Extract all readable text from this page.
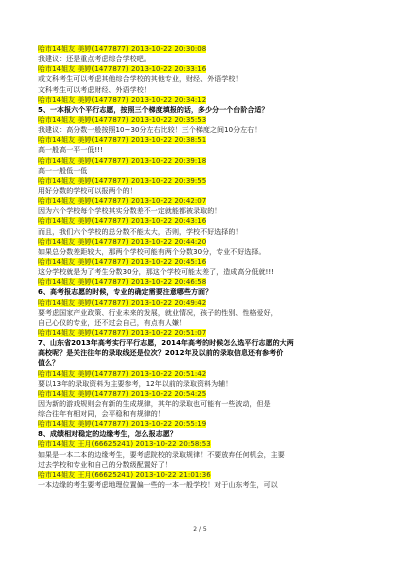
哈市14姐友 美婷(1477877) 2013-10-22 20:30:08
我建议：还是重点考虑综合学校吧。
哈市14姐友 美婷(1477877) 2013-10-22 20:33:16
或文科考生可以考虑其他综合学校的其他专业，财经、外语学校！
文科考生可以考虑财经、外语学校！
哈市14姐友 美婷(1477877) 2013-10-22 20:34:12
5、一本报六个平行志愿，按照三个梯度填报的话，多少分一个台阶合适？
哈市14姐友 美婷(1477877) 2013-10-22 20:35:53
我建议：高分数一般按照10~30分左右比较！三个梯度之间10分左右！
哈市14姐友 美婷(1477877) 2013-10-22 20:38:51
高一般高一平一低!!!
哈市14姐友 美婷(1477877) 2013-10-22 20:39:18
高一一般低一低
哈市14姐友 美婷(1477877) 2013-10-22 20:39:55
用好分数的学校可以报两个的！
哈市14姐友 美婷(1477877) 2013-10-22 20:42:07
因为六个学校每个学校其实分数差不一定就能都被录取的！
哈市14姐友 美婷(1477877) 2013-10-22 20:43:16
而且，我们六个学校的总分数不能太大，否则，学校不好选择的！
哈市14姐友 美婷(1477877) 2013-10-22 20:44:20
如果总分数差距较大，那两个学校可能有两个分数30分，专业不好选择。
哈市14姐友 美婷(1477877) 2013-10-22 20:45:16
这分学校就是为了考生分数30分，那这个学校可能太差了，造成高分低就!!!
哈市14姐友 美婷(1477877) 2013-10-22 20:46:58
6、高考报志愿的时候，专业的确定需要注意哪些方面？
哈市14姐友 美婷(1477877) 2013-10-22 20:49:42
要考虑国家产业政策、行业未来的发展，就业情况，孩子的性别、性格爱好，
自己心仪的专业，还不过会自己，有点有人嫌！
哈市14姐友 美婷(1477877) 2013-10-22 20:51:07
7、山东省2013年高考实行平行志愿，2014年高考的时候怎么选平行志愿的大两
高校呢？是关注往年的录取线还是位次？2012年及以前的录取信息还有参考价
值么？
哈市14姐友 美婷(1477877) 2013-10-22 20:51:42
要以13年的录取资料为主要参考，12年以前的录取资料为辅！
哈市14姐友 美婷(1477877) 2013-10-22 20:54:25
因为新的游戏规则会有新的生成规律，其年的录取也可能有一些波动，但是
综合往年有相对同，会平稳和有规律的！
哈市14姐友 美婷(1477877) 2013-10-22 20:55:19
8、成绩相对稳定的边缘考生，怎么报志愿？
哈市14姐友 王月(66625241) 2013-10-22 20:58:53
如果是一本二本的边缘考生，要考虑院校的录取规律！不要放弃任何机会，主要
过去学校和专业和自己的分数级配置好了！
哈市14姐友 王月(66625241) 2013-10-22 21:01:36
一本边缘的考生要考虑地理位置偏一些的一本一般学校！对于山东考生，可以
2 / 5
